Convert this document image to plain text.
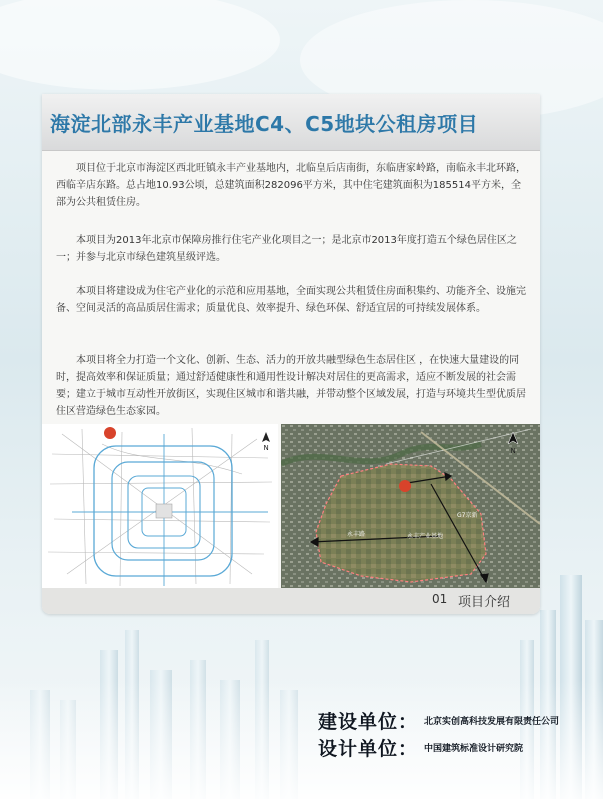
海淀北部永丰产业基地C4、C5地块公租房项目

项目位于北京市海淀区西北旺镇永丰产业基地内，北临皇后店南街，东临唐家岭路，南临永丰北环路，西临辛店东路。总占地10.93公顷，总建筑面积282096平方米，其中住宅建筑面积为185514平方米，全部为公共租赁住房。

本项目为2013年北京市保障房推行住宅产业化项目之一；是北京市2013年度打造五个绿色居住区之一；并参与北京市绿色建筑星级评选。

本项目将建设成为住宅产业化的示范和应用基地，全面实现公共租赁住房面积集约、功能齐全、设施完备、空间灵活的高品质居住需求；质量优良、效率提升、绿色环保、舒适宜居的可持续发展体系。

本项目将全力打造一个文化、创新、生态、活力的开放共融型绿色生态居住区 ，在快速大量建设的同时，提高效率和保证质量；通过舒适健康性和通用性设计解决对居住的更高需求，适应不断发展的社会需要；建立于城市互动性开放街区，实现住区城市和谐共融，并带动整个区域发展，打造与环境共生型优质居住区营造绿色生态家园。

N
永丰路	永丰产业基地
G7京新
N
01 项目介绍
建设单位： 北京实创高科技发展有限责任公司
设计单位： 中国建筑标准设计研究院
